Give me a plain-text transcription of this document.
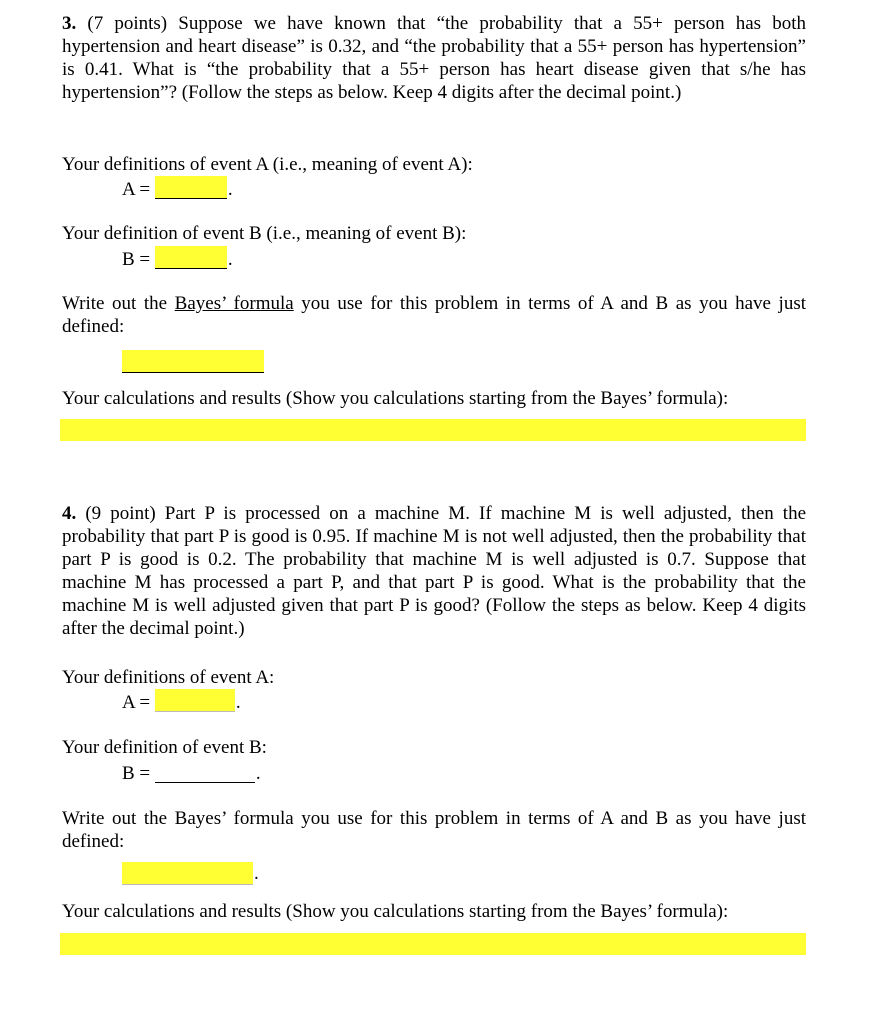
3. (7 points) Suppose we have known that “the probability that a 55+ person has both hypertension and heart disease” is 0.32, and “the probability that a 55+ person has hypertension” is 0.41. What is “the probability that a 55+ person has heart disease given that s/he has hypertension”? (Follow the steps as below. Keep 4 digits after the decimal point.)

Your definitions of event A (i.e., meaning of event A):

A =	.

Your definition of event B (i.e., meaning of event B):

B =	.

Write out the Bayes’ formula you use for this problem in terms of A and B as you have just defined:

Your calculations and results (Show you calculations starting from the Bayes’ formula):

4. (9 point) Part P is processed on a machine M. If machine M is well adjusted, then the probability that part P is good is 0.95. If machine M is not well adjusted, then the probability that part P is good is 0.2. The probability that machine M is well adjusted is 0.7. Suppose that machine M has processed a part P, and that part P is good. What is the probability that the machine M is well adjusted given that part P is good? (Follow the steps as below. Keep 4 digits after the decimal point.)

Your definitions of event A:

A =	.

Your definition of event B:

B =	.

Write out the Bayes’ formula you use for this problem in terms of A and B as you have just defined:

.

Your calculations and results (Show you calculations starting from the Bayes’ formula):
